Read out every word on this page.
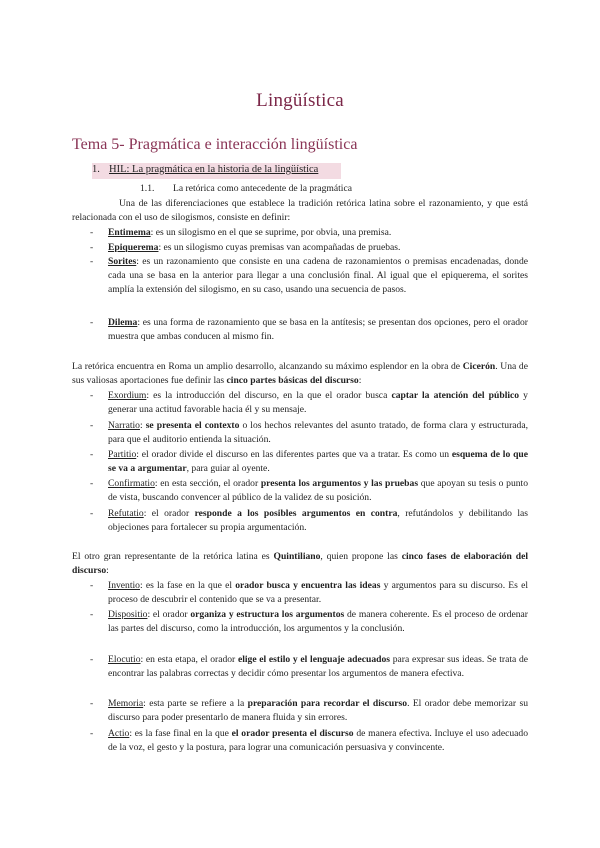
Lingüística
Tema 5- Pragmática e interacción lingüística
1. HIL: La pragmática en la historia de la lingüística
1.1. La retórica como antecedente de la pragmática
Una de las diferenciaciones que establece la tradición retórica latina sobre el razonamiento, y que está relacionada con el uso de silogismos, consiste en definir:
- Entimema: es un silogismo en el que se suprime, por obvia, una premisa.
- Epiquerema: es un silogismo cuyas premisas van acompañadas de pruebas.
- Sorites: es un razonamiento que consiste en una cadena de razonamientos o premisas encadenadas, donde cada una se basa en la anterior para llegar a una conclusión final. Al igual que el epiquerema, el sorites amplía la extensión del silogismo, en su caso, usando una secuencia de pasos.
- Dilema: es una forma de razonamiento que se basa en la antítesis; se presentan dos opciones, pero el orador muestra que ambas conducen al mismo fin.
La retórica encuentra en Roma un amplio desarrollo, alcanzando su máximo esplendor en la obra de Cicerón. Una de sus valiosas aportaciones fue definir las cinco partes básicas del discurso:
- Exordium: es la introducción del discurso, en la que el orador busca captar la atención del público y generar una actitud favorable hacia él y su mensaje.
- Narratio: se presenta el contexto o los hechos relevantes del asunto tratado, de forma clara y estructurada, para que el auditorio entienda la situación.
- Partitio: el orador divide el discurso en las diferentes partes que va a tratar. Es como un esquema de lo que se va a argumentar, para guiar al oyente.
- Confirmatio: en esta sección, el orador presenta los argumentos y las pruebas que apoyan su tesis o punto de vista, buscando convencer al público de la validez de su posición.
- Refutatio: el orador responde a los posibles argumentos en contra, refutándolos y debilitando las objeciones para fortalecer su propia argumentación.
El otro gran representante de la retórica latina es Quintiliano, quien propone las cinco fases de elaboración del discurso:
- Inventio: es la fase en la que el orador busca y encuentra las ideas y argumentos para su discurso. Es el proceso de descubrir el contenido que se va a presentar.
- Dispositio: el orador organiza y estructura los argumentos de manera coherente. Es el proceso de ordenar las partes del discurso, como la introducción, los argumentos y la conclusión.
- Elocutio: en esta etapa, el orador elige el estilo y el lenguaje adecuados para expresar sus ideas. Se trata de encontrar las palabras correctas y decidir cómo presentar los argumentos de manera efectiva.
- Memoria: esta parte se refiere a la preparación para recordar el discurso. El orador debe memorizar su discurso para poder presentarlo de manera fluida y sin errores.
- Actio: es la fase final en la que el orador presenta el discurso de manera efectiva. Incluye el uso adecuado de la voz, el gesto y la postura, para lograr una comunicación persuasiva y convincente.
